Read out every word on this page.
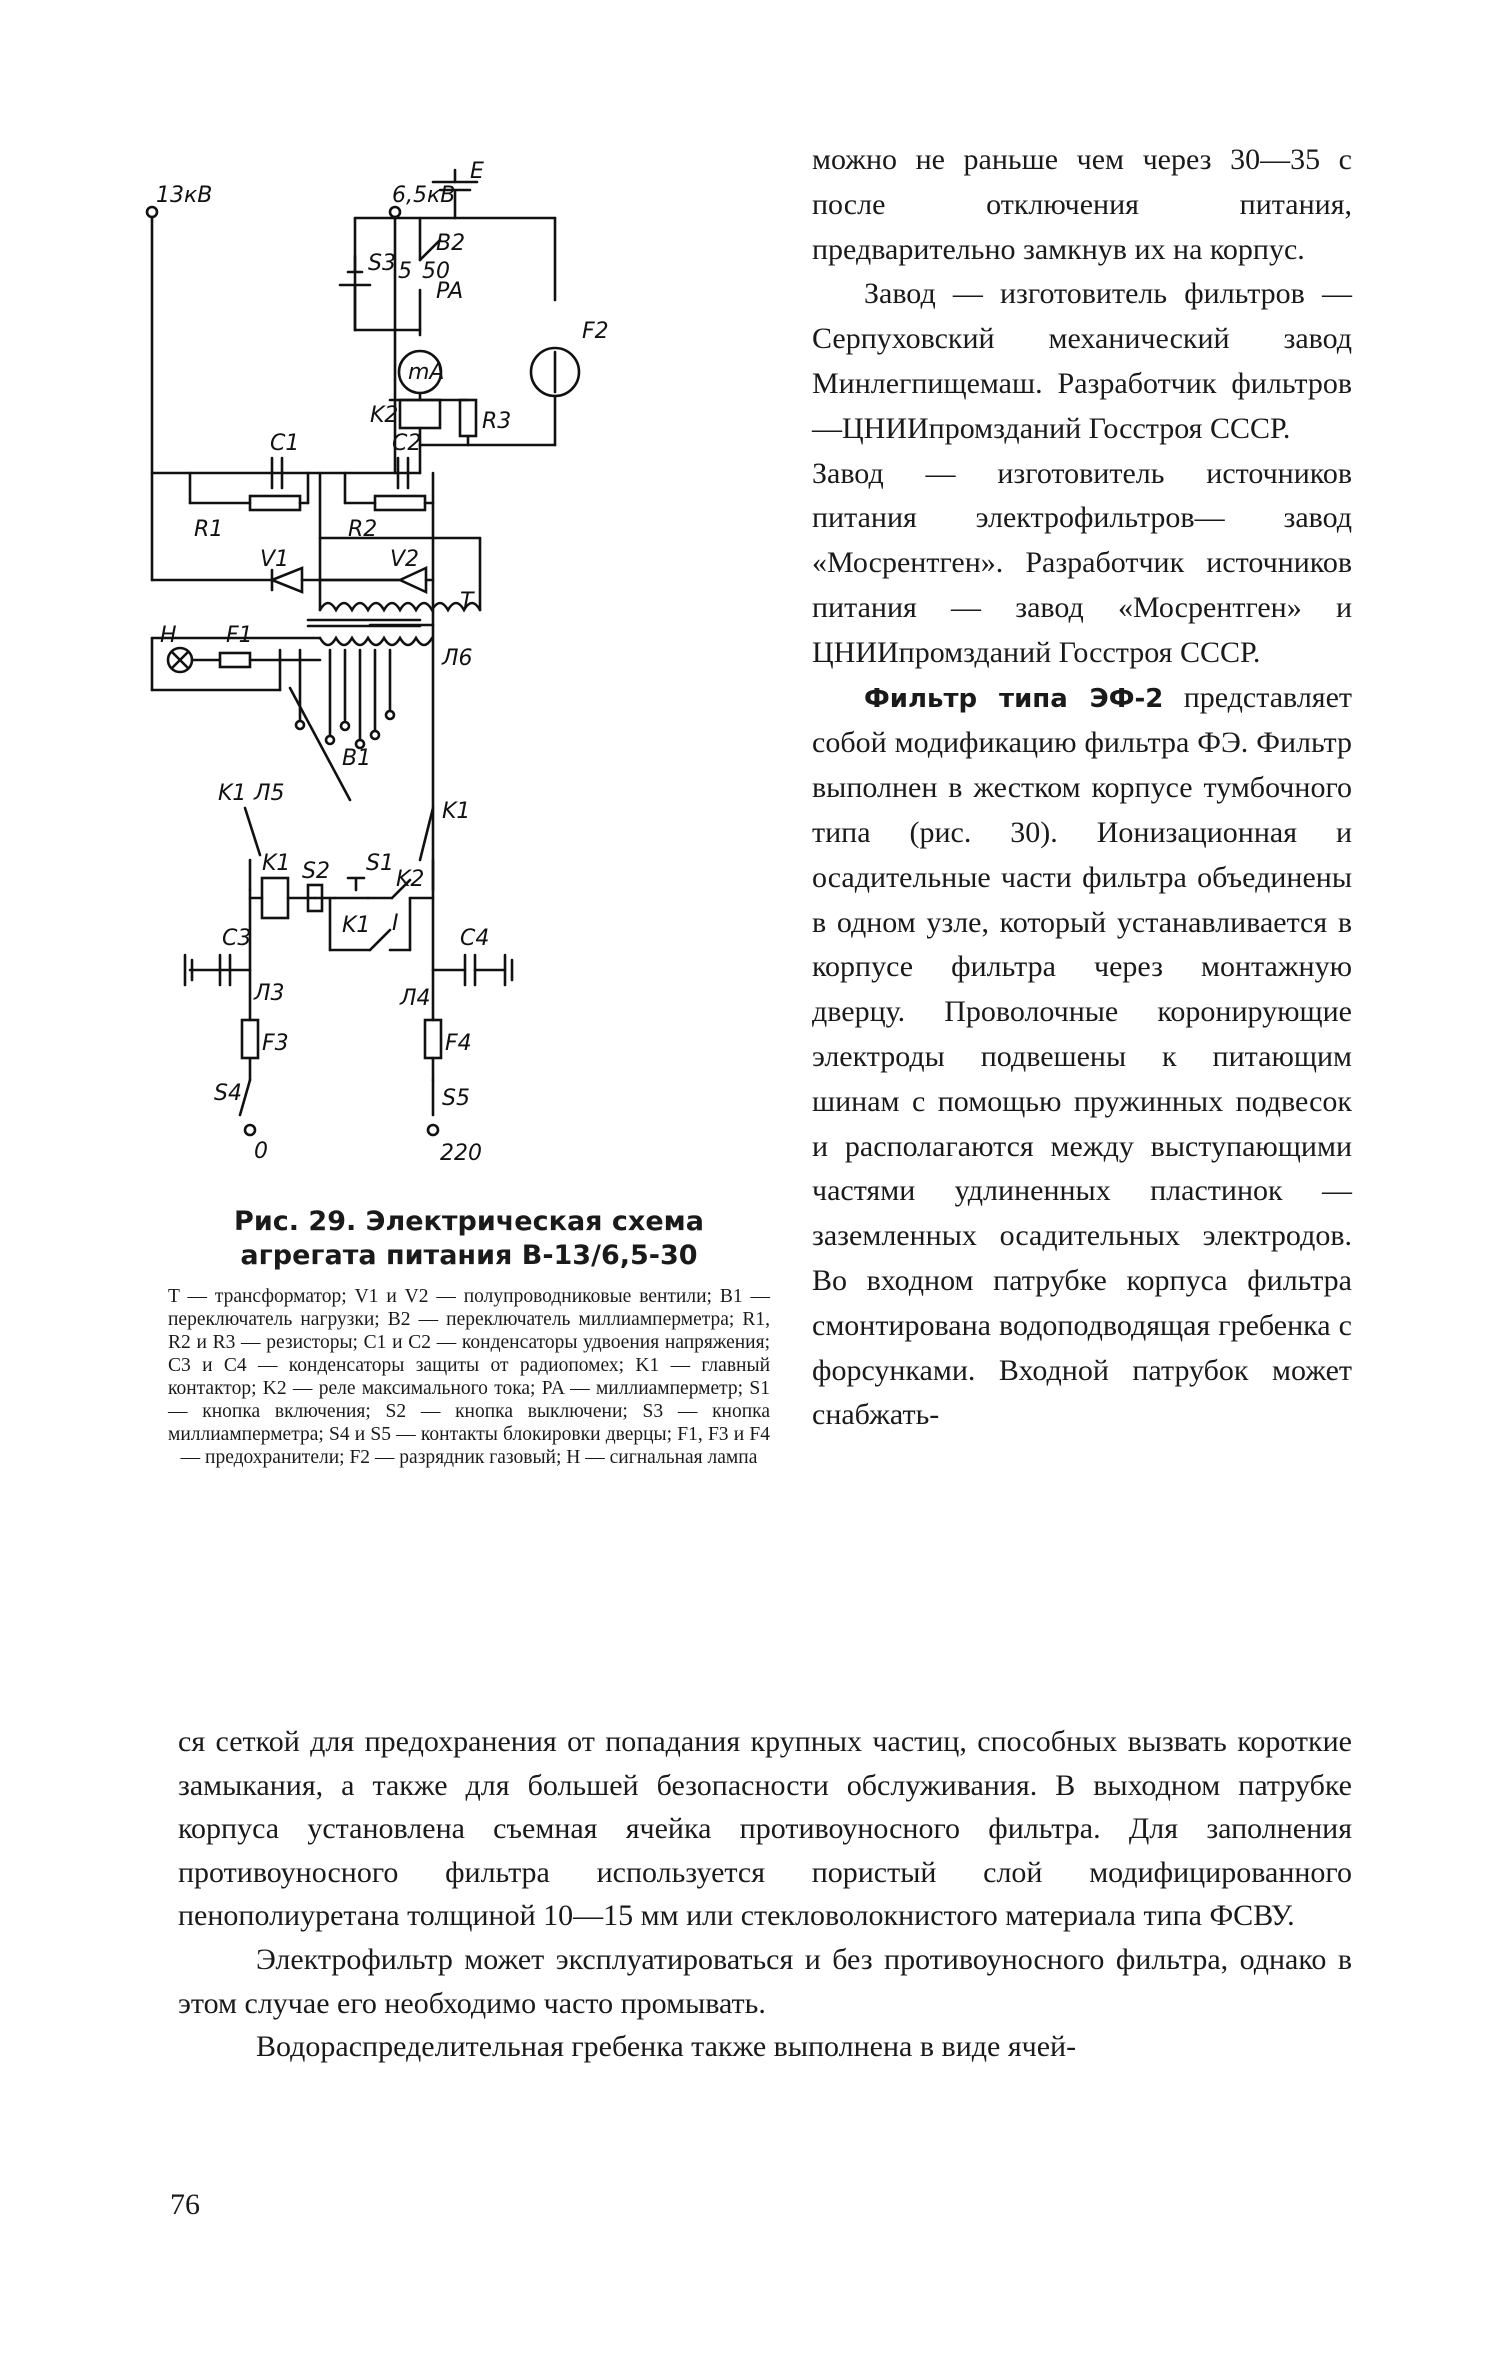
13кВ	6,5кВ
E
B2
S3 5 50
PA
mA
F2
K2	R3
C1	C2
R1
V1
R2
V2
T
H F1
Л6
B1
K1 Л5
K1
K1 S2 S1
K2
K1 I
C3
Л3
C4
Л4
F3	F4
S4	S5
0	220

Рис. 29. Электрическая схема агрегата питания В-13/6,5-30

T — трансформатор; V1 и V2 — полупроводниковые вентили; B1 — переключатель нагрузки; B2 — переключатель миллиамперметра; R1, R2 и R3 — резисторы; C1 и C2 — конденсаторы удвоения напряжения; C3 и C4 — конденсаторы защиты от радиопомех; K1 — главный контактор; K2 — реле максимального тока; PA — миллиамперметр; S1 — кнопка включения; S2 — кнопка выключени; S3 — кнопка миллиамперметра; S4 и S5 — контакты блокировки дверцы; F1, F3 и F4 — предохранители; F2 — разрядник газовый; H — сигнальная лампа

можно не раньше чем через 30—35 с после отключения питания, предварительно замкнув их на корпус.

Завод — изготовитель фильтров — Серпуховский механический завод Минлегпищемаш. Разработчик фильтров —ЦНИИпромзданий Госстроя СССР.

Завод — изготовитель источников питания электрофильтров— завод «Мосрентген». Разработчик источников питания — завод «Мосрентген» и ЦНИИпромзданий Госстроя СССР.

Фильтр типа ЭФ-2 представляет собой модификацию фильтра ФЭ. Фильтр выполнен в жестком корпусе тумбочного типа (рис. 30). Ионизационная и осадительные части фильтра объединены в одном узле, который устанавливается в корпусе фильтра через монтажную дверцу. Проволочные коронирующие электроды подвешены к питающим шинам с помощью пружинных подвесок и располагаются между выступающими частями удлиненных пластинок — заземленных осадительных электродов. Во входном патрубке корпуса фильтра смонтирована водоподводящая гребенка с форсунками. Входной патрубок может снабжать-

ся сеткой для предохранения от попадания крупных частиц, способных вызвать короткие замыкания, а также для большей безопасности обслуживания. В выходном патрубке корпуса установлена съемная ячейка противоуносного фильтра. Для заполнения противоуносного фильтра используется пористый слой модифицированного пенополиуретана толщиной 10—15 мм или стекловолокнистого материала типа ФСВУ.

Электрофильтр может эксплуатироваться и без противоуносного фильтра, однако в этом случае его необходимо часто промывать.

Водораспределительная гребенка также выполнена в виде ячей-

76
